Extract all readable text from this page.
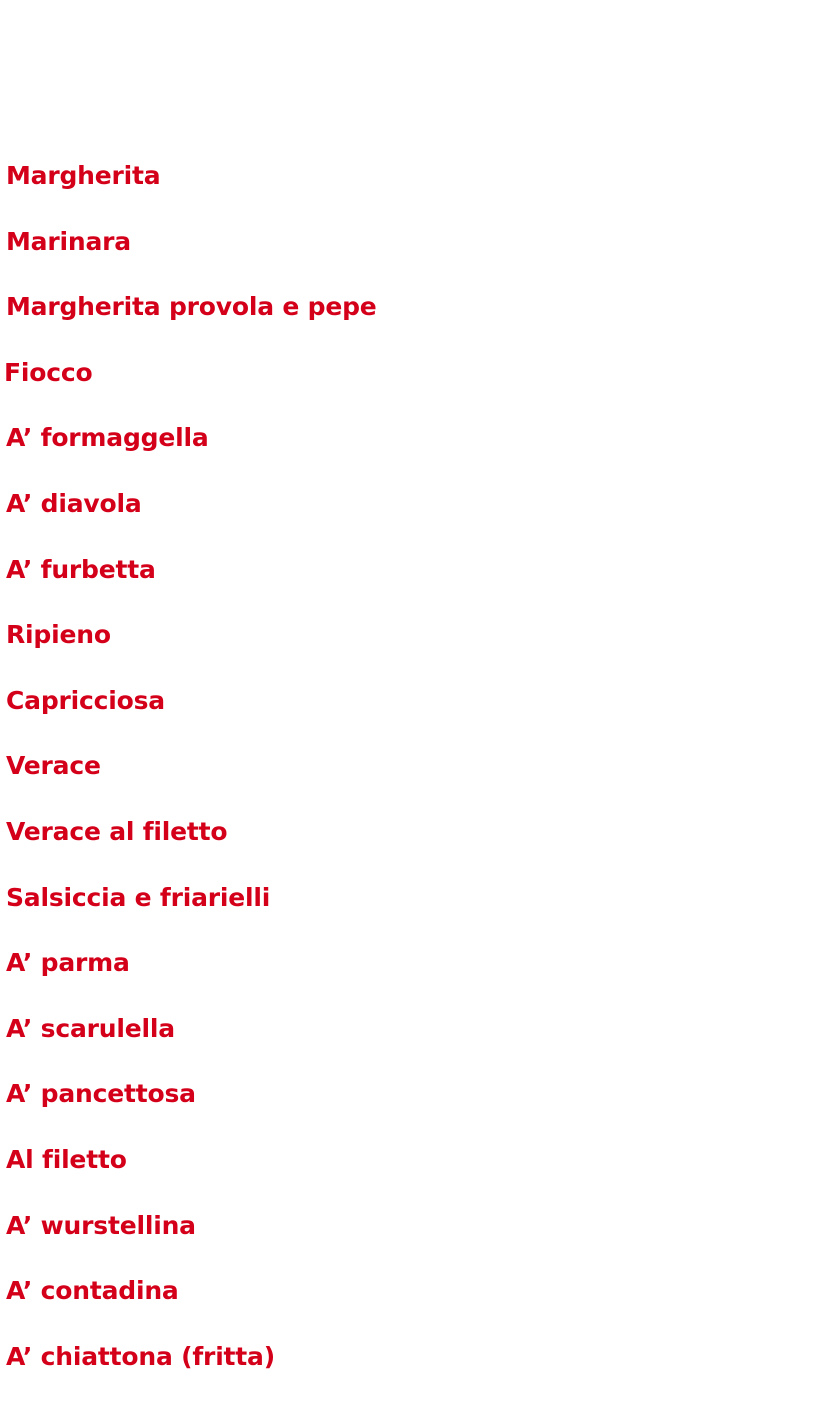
Margherita
Marinara
Margherita provola e pepe
Fiocco
A’ formaggella
A’ diavola
A’ furbetta
Ripieno
Capricciosa
Verace
Verace al filetto
Salsiccia e friarielli
A’ parma
A’ scarulella
A’ pancettosa
Al filetto
A’ wurstellina
A’ contadina
A’ chiattona (fritta)
